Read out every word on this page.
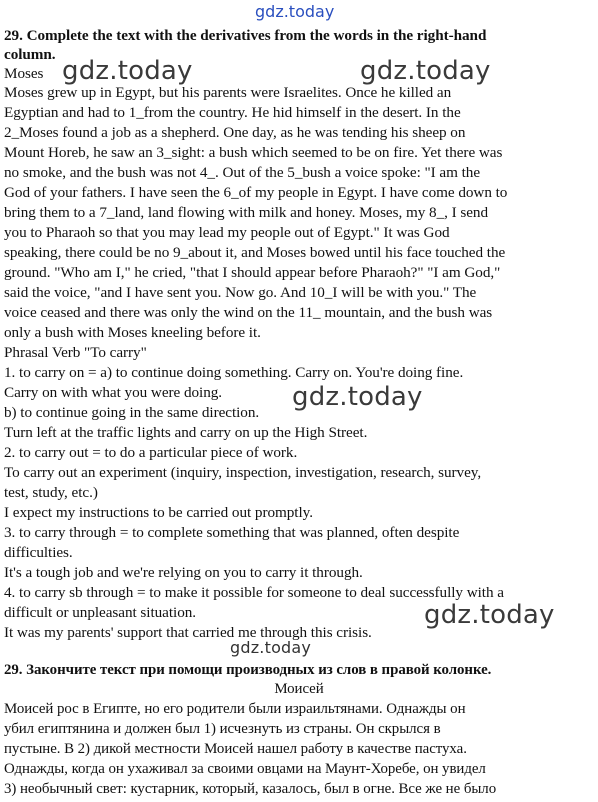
gdz.today
gdz.today	gdz.today
gdz.today
gdz.today
gdz.today
29. Complete the text with the derivatives from the words in the right-hand
column.
Moses
Moses grew up in Egypt, but his parents were Israelites. Once he killed an
Egyptian and had to 1_from the country. He hid himself in the desert. In the
2_Moses found a job as a shepherd. One day, as he was tending his sheep on
Mount Horeb, he saw an 3_sight: a bush which seemed to be on fire. Yet there was
no smoke, and the bush was not 4_. Out of the 5_bush a voice spoke: "I am the
God of your fathers. I have seen the 6_of my people in Egypt. I have come down to
bring them to a 7_land, land flowing with milk and honey. Moses, my 8_, I send
you to Pharaoh so that you may lead my people out of Egypt." It was God
speaking, there could be no 9_about it, and Moses bowed until his face touched the
ground. "Who am I," he cried, "that I should appear before Pharaoh?" "I am God,"
said the voice, "and I have sent you. Now go. And 10_I will be with you." The
voice ceased and there was only the wind on the 11_ mountain, and the bush was
only a bush with Moses kneeling before it.
Phrasal Verb "To carry"
1. to carry on = a) to continue doing something. Carry on. You're doing fine.
Carry on with what you were doing.
b) to continue going in the same direction.
Turn left at the traffic lights and carry on up the High Street.
2. to carry out = to do a particular piece of work.
To carry out an experiment (inquiry, inspection, investigation, research, survey,
test, study, etc.)
I expect my instructions to be carried out promptly.
3. to carry through = to complete something that was planned, often despite
difficulties.
It's a tough job and we're relying on you to carry it through.
4. to carry sb through = to make it possible for someone to deal successfully with a
difficult or unpleasant situation.
It was my parents' support that carried me through this crisis.
29. Закончите текст при помощи производных из слов в правой колонке.
Моисей
Моисей рос в Египте, но его родители были израильтянами. Однажды он
убил египтянина и должен был 1) исчезнуть из страны. Он скрылся в
пустыне. В 2) дикой местности Моисей нашел работу в качестве пастуха.
Однажды, когда он ухаживал за своими овцами на Маунт-Хоребе, он увидел
3) необычный свет: кустарник, который, казалось, был в огне. Все же не было
